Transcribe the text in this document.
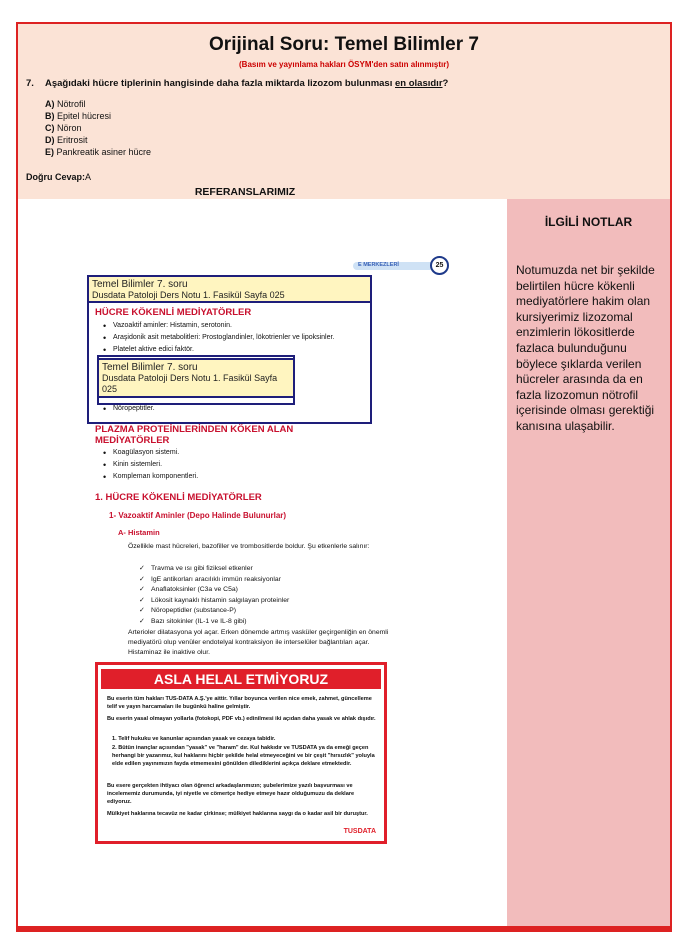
Orijinal Soru: Temel Bilimler 7
(Basım ve yayınlama hakları ÖSYM'den satın alınmıştır)
7. Aşağıdaki hücre tiplerinin hangisinde daha fazla miktarda lizozom bulunması en olasıdır?
A) Nötrofil
B) Epitel hücresi
C) Nöron
D) Eritrosit
E) Pankreatik asiner hücre
Doğru Cevap:A
İLGİLİ NOTLAR
Notumuzda net bir şekilde belirtilen hücre kökenli mediyatörlere hakim olan kursiyerimiz lizozomal enzimlerin lökositlerde fazlaca bulunduğunu böylece şıklarda verilen hücreler arasında da en fazla lizozomun nötrofil içerisinde olması gerektiği kanısına ulaşabilir.
REFERANSLARIMIZ
E MERKEZLERİ	25
HÜCRE KÖKENLİ MEDİYATÖRLER
• Vazoaktif aminler: Histamin, serotonin.
• Araşidonik asit metabolitleri: Prostoglandinler, lökotrienler ve lipoksinler.
• Platelet aktive edici faktör.
•
• Nöropeptitler.
PLAZMA PROTEİNLERİNDEN KÖKEN ALAN MEDİYATÖRLER
• Koagülasyon sistemi.
• Kinin sistemleri.
• Kompleman komponentleri.
1. HÜCRE KÖKENLİ MEDİYATÖRLER
1- Vazoaktif Aminler (Depo Halinde Bulunurlar)
A- Histamin
Özellikle mast hücreleri, bazofiller ve trombositlerde boldur. Şu etkenlerle salınır:
✓ Travma ve ısı gibi fiziksel etkenler
✓ IgE antikorları aracılıklı immün reaksiyonlar
✓ Anaflatoksinler (C3a ve C5a)
✓ Lökosit kaynaklı histamin salgılayan proteinler
✓ Nöropeptidler (substance-P)
✓ Bazı sitokinler (IL-1 ve IL-8 gibi)
Arterioler dilatasyona yol açar. Erken dönemde artmış vasküler geçirgenliğin en önemli mediyatörü olup venüler endotelyal kontraksiyon ile interselüler bağlantıları açar. Histaminaz ile inaktive olur.
Temel Bilimler 7. soru
Dusdata Patoloji Ders Notu 1. Fasikül Sayfa 025
Temel Bilimler 7. soru
Dusdata Patoloji Ders Notu 1. Fasikül Sayfa 025
ASLA HELAL ETMİYORUZ
Bu eserin tüm hakları TUS-DATA A.Ş.'ye aittir. Yıllar boyunca verilen nice emek, zahmet, güncelleme telif ve yayın harcamaları ile bugünkü haline gelmiştir.
Bu eserin yasal olmayan yollarla (fotokopi, PDF vb.) edinilmesi iki açıdan daha yasak ve ahlak dışıdır.
1. Telif hukuku ve kanunlar açısından yasak ve cezaya tabidir.
2. Bütün inançlar açısından "yasak" ve "haram" dır. Kul hakkıdır ve TUSDATA ya da emeği geçen herhangi bir yazarımız, kul haklarını hiçbir şekilde helal etmeyeceğini ve bir çeşit "hırsızlık" yoluyla elde edilen yayınımızın fayda etmemesini gönülden dilediklerini açıkça deklare etmektedir.
Bu esere gerçekten ihtiyacı olan öğrenci arkadaşlarımızın; şubelerimize yazılı başvurması ve incelememiz durumunda, iyi niyetle ve cömertçe hediye etmeye hazır olduğumuzu da deklare ediyoruz.
Mülkiyet haklarına tecavüz ne kadar çirkinse; mülkiyet haklarına saygı da o kadar asil bir duruştur.
TUSDATA
